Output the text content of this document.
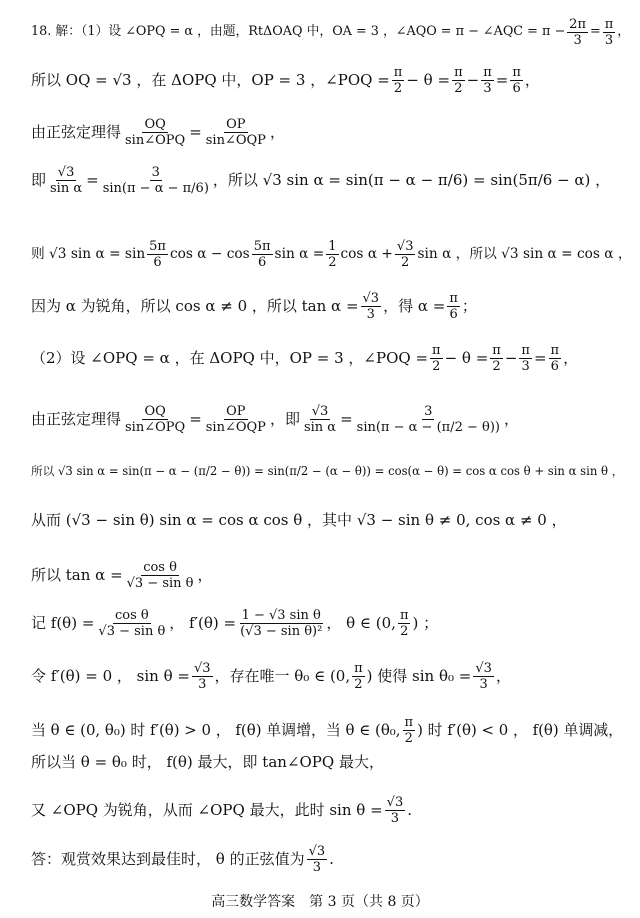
18. 解：（1）设 ∠OPQ = α ，由题，RtΔOAQ 中，OA = 3 ，∠AQO = π − ∠AQC = $\pi - \frac{2\pi}{3} = \frac{\pi}{3}$ ，
所以 OQ = √3 ，在 ΔOPQ 中，OP = 3 ，∠POQ = $\frac{\pi}{2} - \theta = \frac{\pi}{2} - \frac{\pi}{3} = \frac{\pi}{6}$ ，
由正弦定理得 $\frac{OQ}{\text{sin∠OPQ}} = \frac{OP}{\text{sin∠OQP}}$ ，
即 $\frac{√3}{\text{sin α}} = \frac{3}{\sin(\pi - \alpha - \pi/6)}$ ，所以 √3 sin α = sin(π − α − π/6) = sin(5π/6 − α) ，
则 √3 $\sin \alpha = \sin \frac{5\pi}{6}$ $\cos \alpha - \cos \frac{5\pi}{6}$ $\sin \alpha = \frac{1}{2}$ $\cos \alpha + \frac{√3}{2}$ sin α ，所以 √3 sin α = cos α ，
因为 α 为锐角，所以 cos α ≠ 0 ，所以 $\tan \alpha = \frac{√3}{3}$ ，得 $\alpha = \frac{\pi}{6}$ ；
（2）设 ∠OPQ = α ，在 ΔOPQ 中，OP = 3 ，∠POQ = $\frac{\pi}{2} - \theta = \frac{\pi}{2} - \frac{\pi}{3} = \frac{\pi}{6}$ ，
由正弦定理得 $\frac{OQ}{\text{sin∠OPQ}} = \frac{OP}{\text{sin∠OQP}}$ ，即 $\frac{√3}{\text{sin α}} = \frac{3}{\sin(\pi - \alpha - (\pi/2 - \theta))}$ ，
所以 √3 sin α = sin(π − α − (π/2 − θ)) = sin(π/2 − (α − θ)) = cos(α − θ) = cos α cos θ + sin α sin θ ，
从而 (√3 − sin θ) sin α = cos α cos θ ，其中 √3 − sin θ ≠ 0, cos α ≠ 0 ，
所以 $\tan \alpha = \frac{\text{cos θ}}{\text{√3 − sin θ}}$ ，
记 $f(\theta) = \frac{\text{cos θ}}{\text{√3 − sin θ}}$ ， $f'(\theta) = \frac{\text{1 − √3 sin θ}}{\text{(√3 − sin θ)²}}$ ， θ ∈ (0, $\frac{\pi}{2}$ ) ；
令 f′(θ) = 0 ， $\sin \theta = \frac{√3}{3}$ ，存在唯一 θ₀ ∈ (0, $\frac{\pi}{2}$ ) 使得 $\sin \theta_0 = \frac{√3}{3}$ ，
当 θ ∈ (0, θ₀) 时 f′(θ) > 0 ， f(θ) 单调增，当 θ ∈ (θ₀, $\frac{\pi}{2}$ ) 时 f′(θ) < 0 ， f(θ) 单调减，
所以当 θ = θ₀ 时， f(θ) 最大，即 tan∠OPQ 最大，
又 ∠OPQ 为锐角，从而 ∠OPQ 最大，此时 $\sin \theta = \frac{√3}{3}$ .
答：观赏效果达到最佳时， θ 的正弦值为 $\frac{√3}{3}$ .
高三数学答案　第 3 页（共 8 页）
